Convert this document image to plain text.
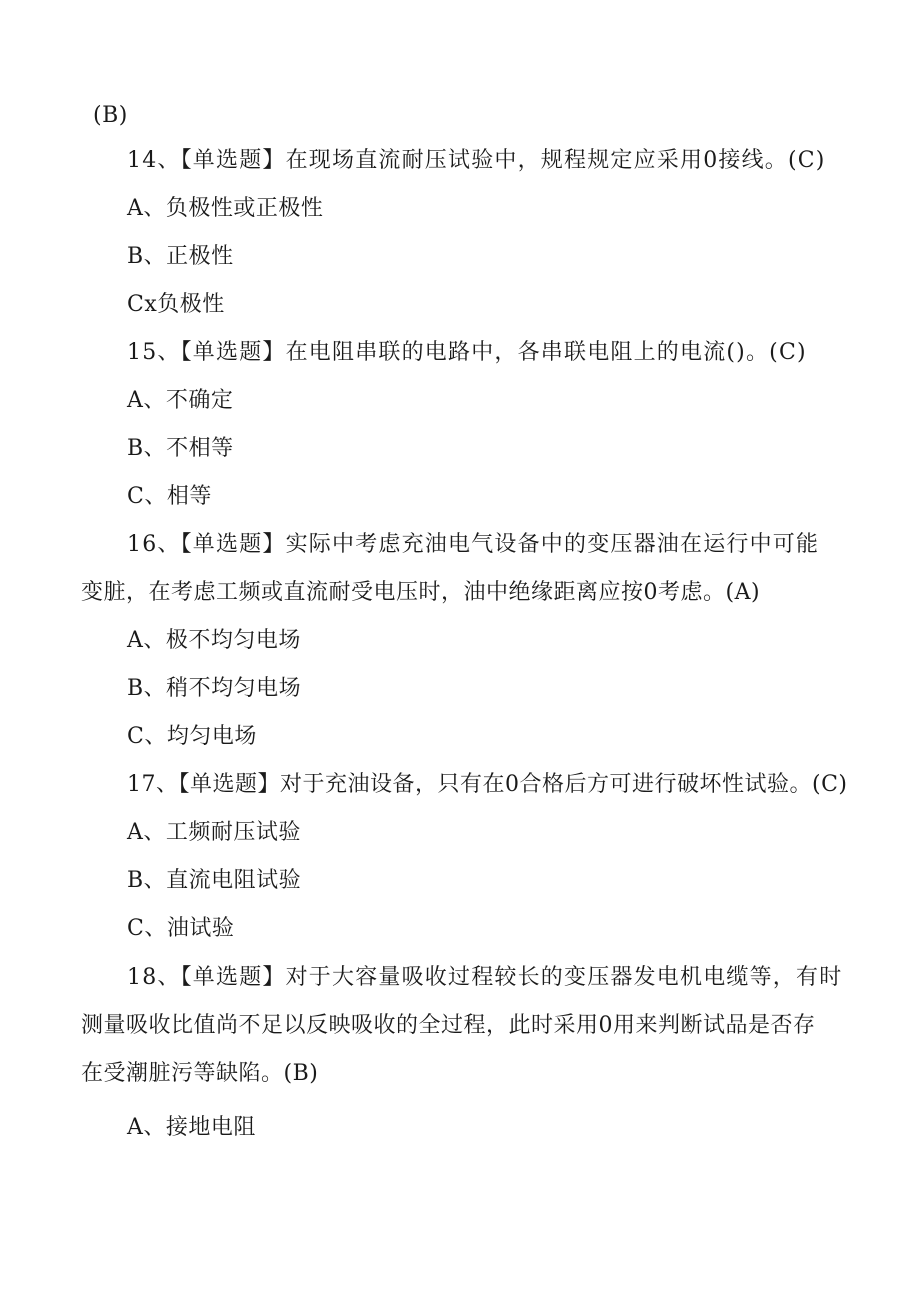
(B)
14、【单选题】在现场直流耐压试验中，规程规定应采用0接线。(C)
A、负极性或正极性
B、正极性
Cx负极性
15、【单选题】在电阻串联的电路中，各串联电阻上的电流()。(C)
A、不确定
B、不相等
C、相等
16、【单选题】实际中考虑充油电气设备中的变压器油在运行中可能
变脏，在考虑工频或直流耐受电压时，油中绝缘距离应按0考虑。(A)
A、极不均匀电场
B、稍不均匀电场
C、均匀电场
17、【单选题】对于充油设备，只有在0合格后方可进行破坏性试验。(C)
A、工频耐压试验
B、直流电阻试验
C、油试验
18、【单选题】对于大容量吸收过程较长的变压器发电机电缆等，有时
测量吸收比值尚不足以反映吸收的全过程，此时采用0用来判断试品是否存
在受潮脏污等缺陷。(B)
A、接地电阻
